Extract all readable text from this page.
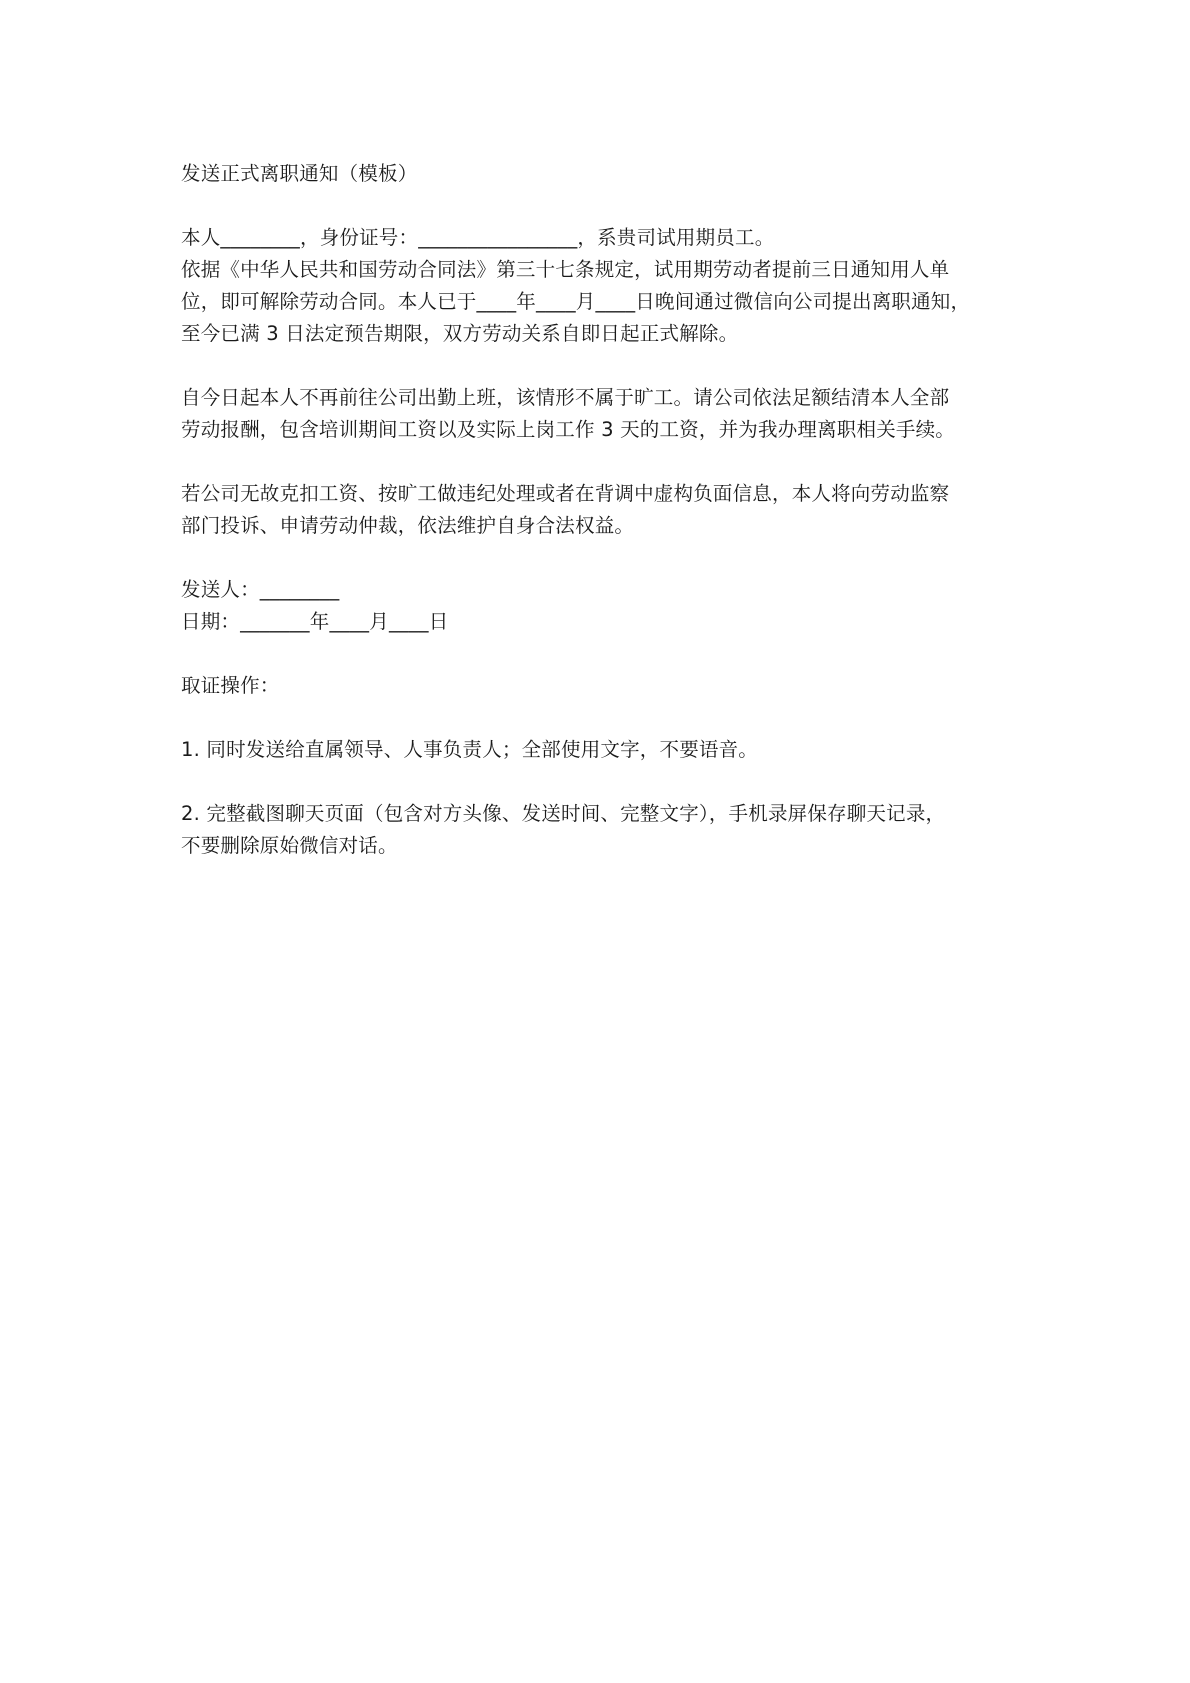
发送正式离职通知（模板）
本人________，身份证号：________________，系贵司试用期员工。
依据《中华人民共和国劳动合同法》第三十七条规定，试用期劳动者提前三日通知用人单
位，即可解除劳动合同。本人已于____年____月____日晚间通过微信向公司提出离职通知，
至今已满 3 日法定预告期限，双方劳动关系自即日起正式解除。
自今日起本人不再前往公司出勤上班，该情形不属于旷工。请公司依法足额结清本人全部
劳动报酬，包含培训期间工资以及实际上岗工作 3 天的工资，并为我办理离职相关手续。
若公司无故克扣工资、按旷工做违纪处理或者在背调中虚构负面信息，本人将向劳动监察
部门投诉、申请劳动仲裁，依法维护自身合法权益。
发送人：________
日期：_______年____月____日
取证操作：
1. 同时发送给直属领导、人事负责人；全部使用文字，不要语音。
2. 完整截图聊天页面（包含对方头像、发送时间、完整文字），手机录屏保存聊天记录，
不要删除原始微信对话。
